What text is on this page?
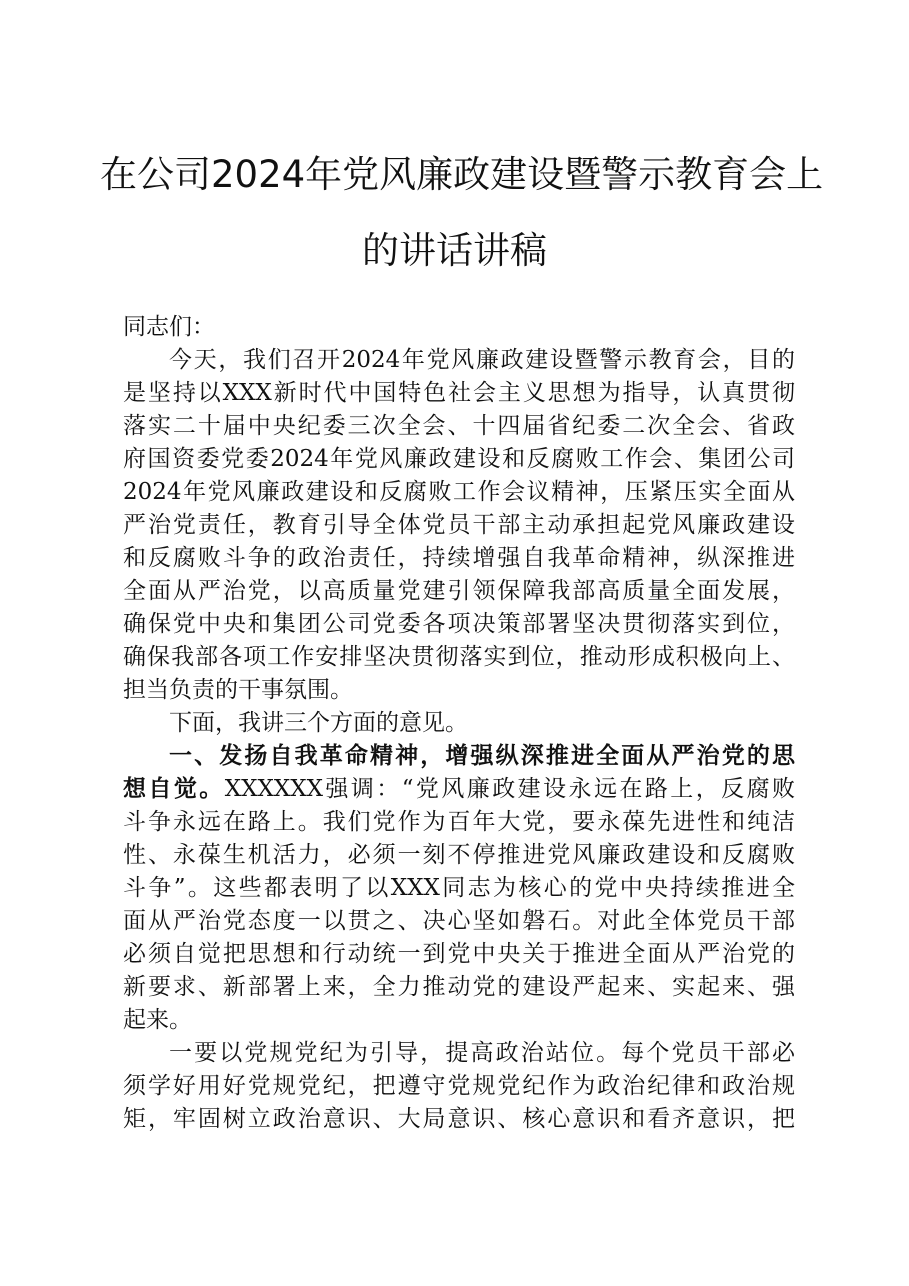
在公司2024年党风廉政建设暨警示教育会上
的讲话讲稿
同志们：
今天，我们召开2024年党风廉政建设暨警示教育会，目的
是坚持以XXX新时代中国特色社会主义思想为指导，认真贯彻
落实二十届中央纪委三次全会、十四届省纪委二次全会、省政
府国资委党委2024年党风廉政建设和反腐败工作会、集团公司
2024年党风廉政建设和反腐败工作会议精神，压紧压实全面从
严治党责任，教育引导全体党员干部主动承担起党风廉政建设
和反腐败斗争的政治责任，持续增强自我革命精神，纵深推进
全面从严治党，以高质量党建引领保障我部高质量全面发展，
确保党中央和集团公司党委各项决策部署坚决贯彻落实到位，
确保我部各项工作安排坚决贯彻落实到位，推动形成积极向上、
担当负责的干事氛围。
下面，我讲三个方面的意见。
一、发扬自我革命精神，增强纵深推进全面从严治党的思
想自觉。XXXXXX强调：“党风廉政建设永远在路上，反腐败
斗争永远在路上。我们党作为百年大党，要永葆先进性和纯洁
性、永葆生机活力，必须一刻不停推进党风廉政建设和反腐败
斗争”。这些都表明了以XXX同志为核心的党中央持续推进全
面从严治党态度一以贯之、决心坚如磐石。对此全体党员干部
必须自觉把思想和行动统一到党中央关于推进全面从严治党的
新要求、新部署上来，全力推动党的建设严起来、实起来、强
起来。
一要以党规党纪为引导，提高政治站位。每个党员干部必
须学好用好党规党纪，把遵守党规党纪作为政治纪律和政治规
矩，牢固树立政治意识、大局意识、核心意识和看齐意识，把
